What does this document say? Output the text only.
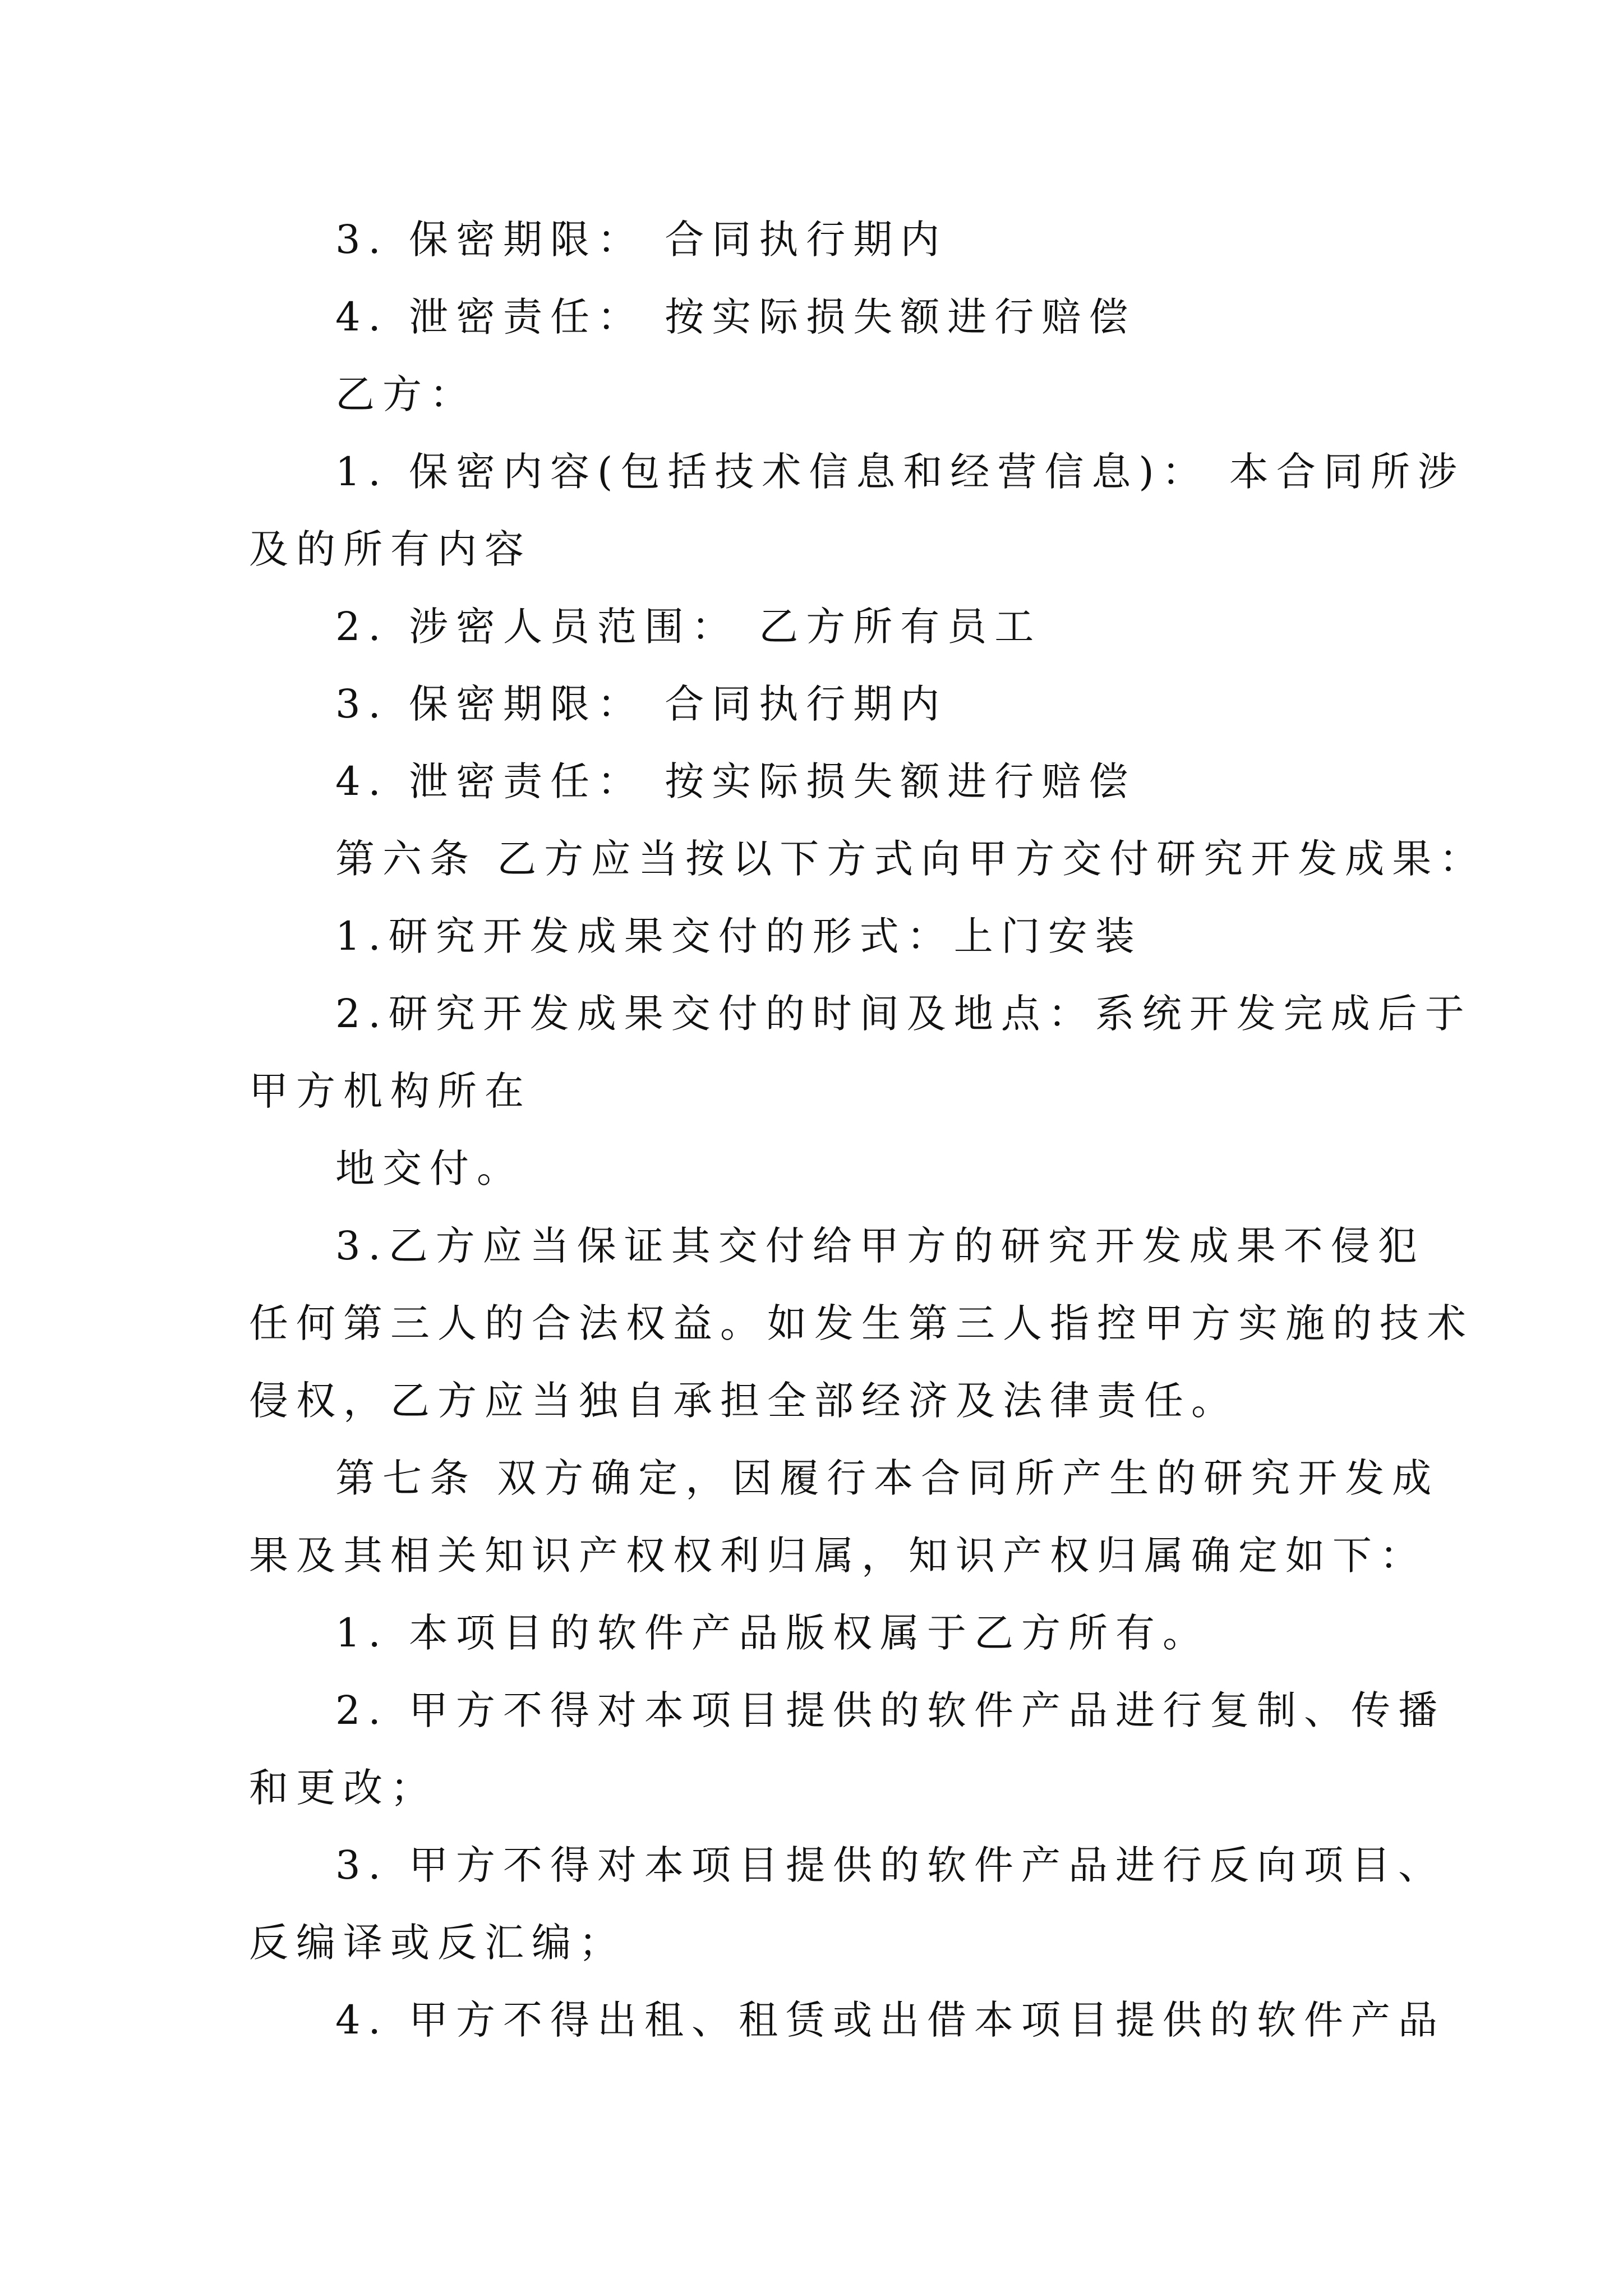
3. 保密期限： 合同执行期内

4. 泄密责任： 按实际损失额进行赔偿

乙方：

1. 保密内容(包括技术信息和经营信息)： 本合同所涉

及的所有内容

2. 涉密人员范围： 乙方所有员工

3. 保密期限： 合同执行期内

4. 泄密责任： 按实际损失额进行赔偿

第六条 乙方应当按以下方式向甲方交付研究开发成果：

1.研究开发成果交付的形式：上门安装

2.研究开发成果交付的时间及地点：系统开发完成后于

甲方机构所在

地交付。

3.乙方应当保证其交付给甲方的研究开发成果不侵犯

任何第三人的合法权益。如发生第三人指控甲方实施的技术

侵权，乙方应当独自承担全部经济及法律责任。

第七条 双方确定，因履行本合同所产生的研究开发成

果及其相关知识产权权利归属，知识产权归属确定如下：

1. 本项目的软件产品版权属于乙方所有。

2. 甲方不得对本项目提供的软件产品进行复制、传播

和更改；

3. 甲方不得对本项目提供的软件产品进行反向项目、

反编译或反汇编；

4. 甲方不得出租、租赁或出借本项目提供的软件产品
